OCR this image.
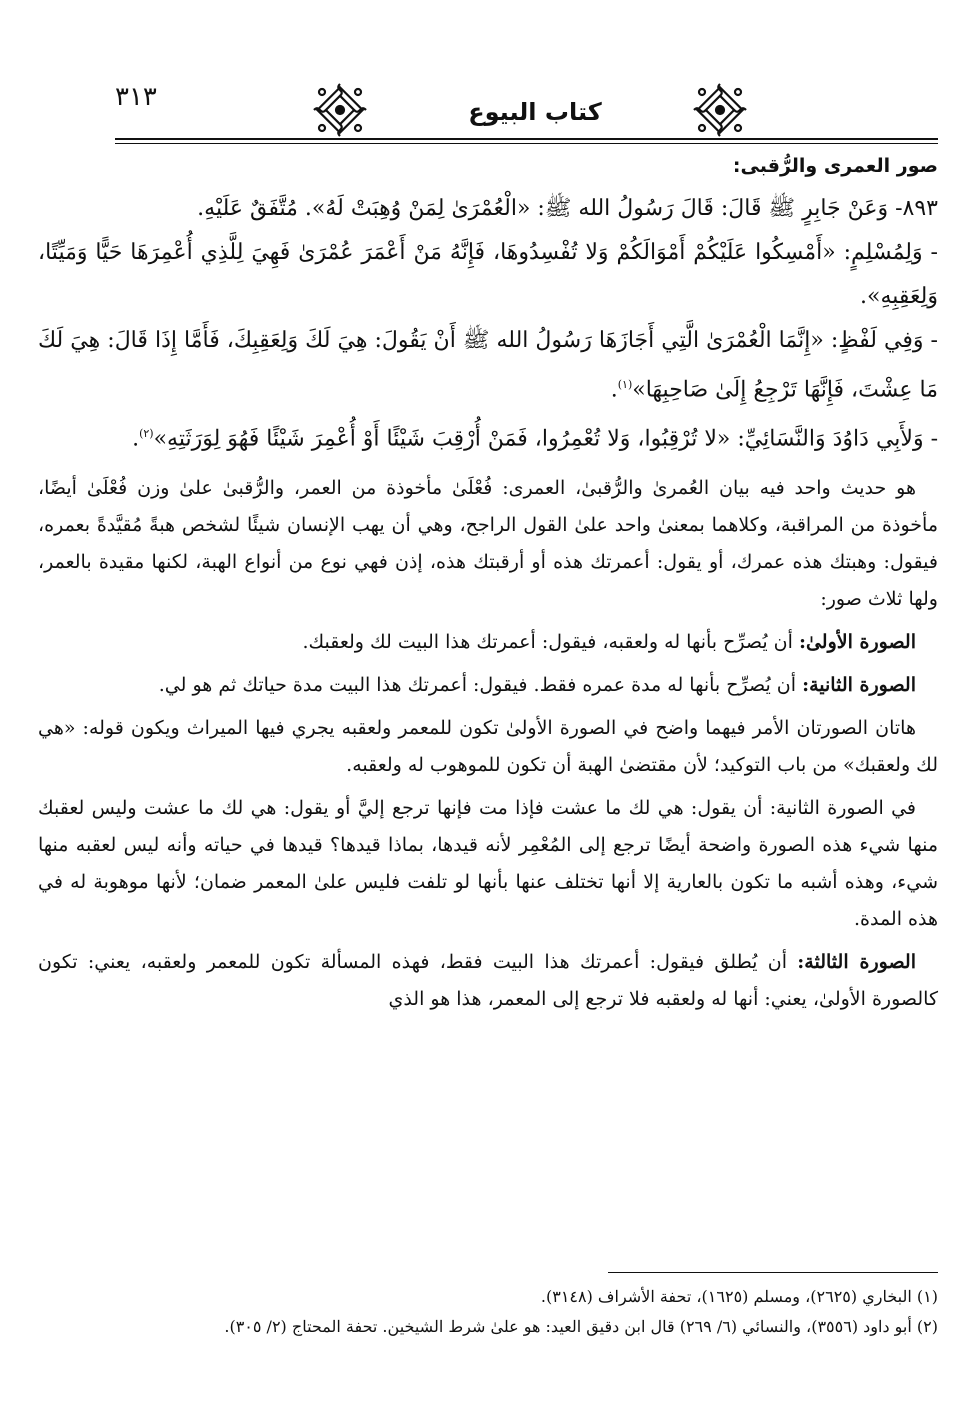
٣١٣	كتاب البيوع
صور العمرى والرُّقبى:

٨٩٣- وَعَنْ جَابِرٍ ﷺ قَالَ: قَالَ رَسُولُ الله ﷺ: «الْعُمْرَىٰ لِمَنْ وُهِبَتْ لَهُ». مُتَّفَقٌ عَلَيْهِ.

- وَلِمُسْلِمٍ: «أَمْسِكُوا عَلَيْكُمْ أَمْوَالَكُمْ وَلا تُفْسِدُوهَا، فَإِنَّهُ مَنْ أَعْمَرَ عُمْرَىٰ فَهِيَ لِلَّذِي أُعْمِرَهَا حَيًّا وَمَيِّتًا، وَلِعَقِبِهِ».

- وَفِي لَفْظٍ: «إِنَّمَا الْعُمْرَىٰ الَّتِي أَجَازَهَا رَسُولُ الله ﷺ أَنْ يَقُولَ: هِيَ لَكَ وَلِعَقِبِكَ، فَأَمَّا إِذَا قَالَ: هِيَ لَكَ مَا عِشْتَ، فَإِنَّهَا تَرْجِعُ إِلَىٰ صَاحِبِهَا»$^{(١)}$.

- وَلأَبِي دَاوُدَ وَالنَّسَائِيِّ: «لا تُرْقِبُوا، وَلا تُعْمِرُوا، فَمَنْ أُرْقِبَ شَيْئًا أَوْ أُعْمِرَ شَيْئًا فَهُوَ لِوَرَثَتِهِ»$^{(٢)}$.

هو حديث واحد فيه بيان العُمرىٰ والرُّقبىٰ، العمرى: فُعْلَىٰ مأخوذة من العمر، والرُّقبىٰ علىٰ وزن فُعْلَىٰ أيضًا، مأخوذة من المراقبة، وكلاهما بمعنىٰ واحد علىٰ القول الراجح، وهي أن يهب الإنسان شيئًا لشخص هبةً مُقيَّدةً بعمره، فيقول: وهبتك هذه عمرك، أو يقول: أعمرتك هذه أو أرقبتك هذه، إذن فهي نوع من أنواع الهبة، لكنها مقيدة بالعمر، ولها ثلاث صور:

الصورة الأولىٰ: أن يُصرِّح بأنها له ولعقبه، فيقول: أعمرتك هذا البيت لك ولعقبك.

الصورة الثانية: أن يُصرِّح بأنها له مدة عمره فقط. فيقول: أعمرتك هذا البيت مدة حياتك ثم هو لي.

هاتان الصورتان الأمر فيهما واضح في الصورة الأولىٰ تكون للمعمر ولعقبه يجري فيها الميراث ويكون قوله: «هي لك ولعقبك» من باب التوكيد؛ لأن مقتضىٰ الهبة أن تكون للموهوب له ولعقبه.

في الصورة الثانية: أن يقول: هي لك ما عشت فإذا مت فإنها ترجع إليَّ أو يقول: هي لك ما عشت وليس لعقبك منها شيء هذه الصورة واضحة أيضًا ترجع إلى المُعْمِر لأنه قيدها، بماذا قيدها؟ قيدها في حياته وأنه ليس لعقبه منها شيء، وهذه أشبه ما تكون بالعارية إلا أنها تختلف عنها بأنها لو تلفت فليس علىٰ المعمر ضمان؛ لأنها موهوبة له في هذه المدة.

الصورة الثالثة: أن يُطلق فيقول: أعمرتك هذا البيت فقط، فهذه المسألة تكون للمعمر ولعقبه، يعني: تكون كالصورة الأولىٰ، يعني: أنها له ولعقبه فلا ترجع إلى المعمر، هذا هو الذي

(١) البخاري (٢٦٢٥)، ومسلم (١٦٢٥)، تحفة الأشراف (٣١٤٨).

(٢) أبو داود (٣٥٥٦)، والنسائي (٦/ ٢٦٩) قال ابن دقيق العيد: هو علىٰ شرط الشيخين. تحفة المحتاج (٢/ ٣٠٥).
